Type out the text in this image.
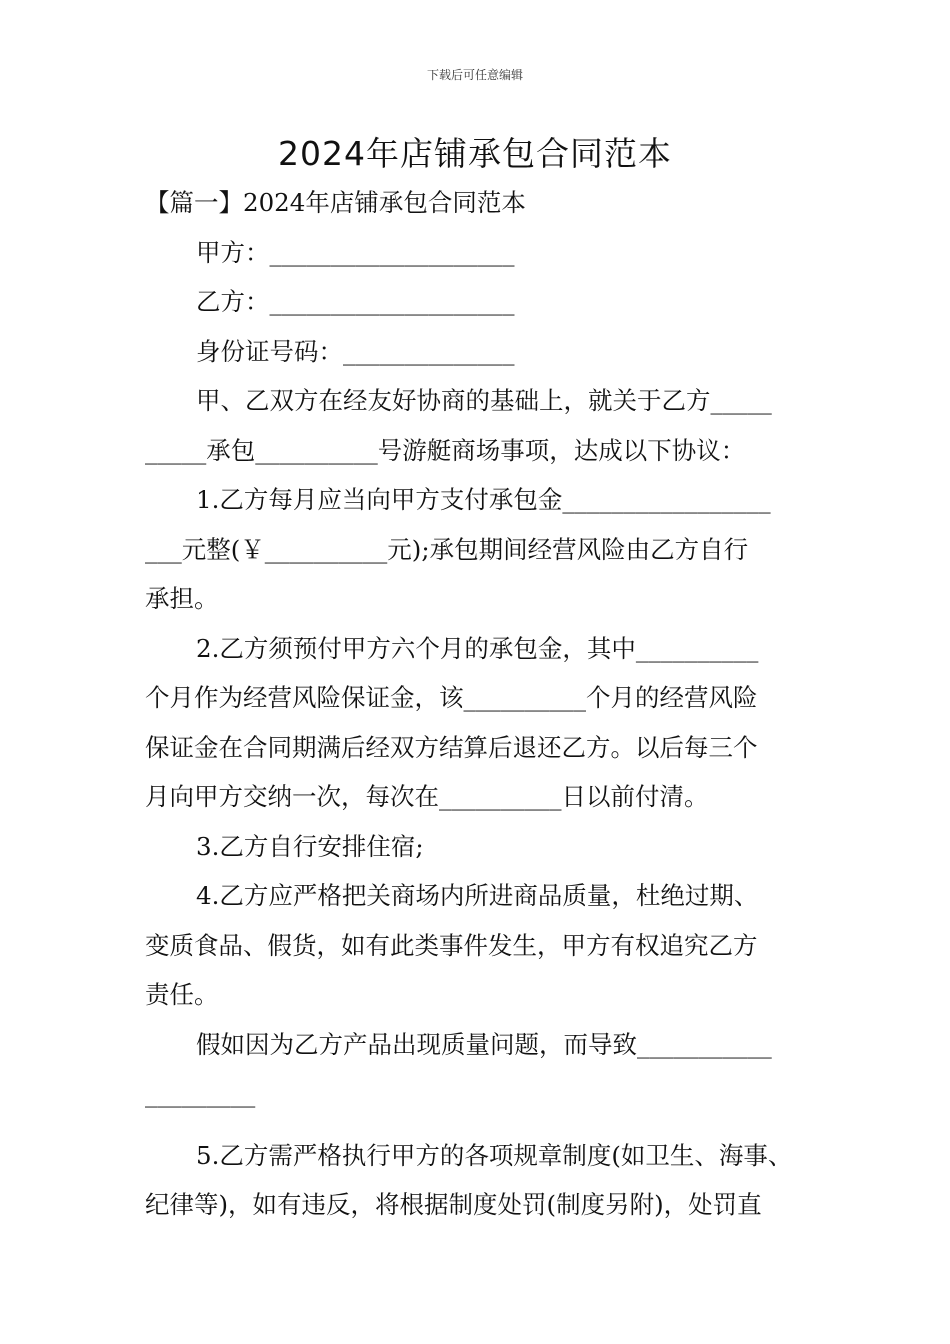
下载后可任意编辑
2024年店铺承包合同范本
【篇一】2024年店铺承包合同范本
甲方：____________________
乙方：____________________
身份证号码：______________
甲、乙双方在经友好协商的基础上，就关于乙方_____
_____承包__________号游艇商场事项，达成以下协议：
1.乙方每月应当向甲方支付承包金_________________
___元整(￥__________元);承包期间经营风险由乙方自行
承担。
2.乙方须预付甲方六个月的承包金，其中__________
个月作为经营风险保证金，该__________个月的经营风险
保证金在合同期满后经双方结算后退还乙方。以后每三个
月向甲方交纳一次，每次在__________日以前付清。
3.乙方自行安排住宿;
4.乙方应严格把关商场内所进商品质量，杜绝过期、
变质食品、假货，如有此类事件发生，甲方有权追究乙方
责任。
假如因为乙方产品出现质量问题，而导致___________
_________
5.乙方需严格执行甲方的各项规章制度(如卫生、海事、
纪律等)，如有违反，将根据制度处罚(制度另附)，处罚直
